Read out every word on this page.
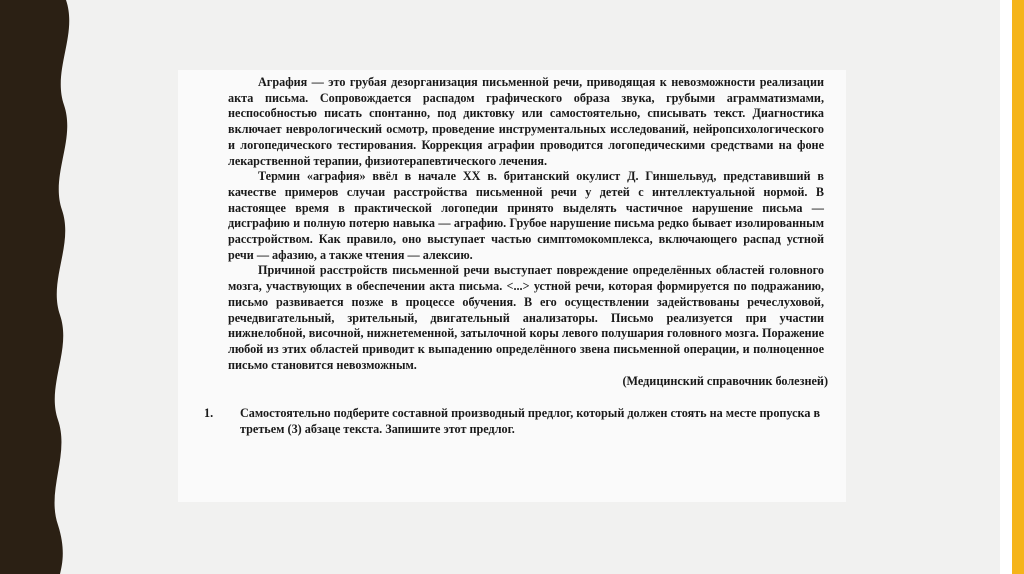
Аграфия — это грубая дезорганизация письменной речи, приводящая к невозможности реализации акта письма. Сопровождается распадом графического образа звука, грубыми аграмматизмами, неспособностью писать спонтанно, под диктовку или самостоятельно, списывать текст. Диагностика включает неврологический осмотр, проведение инструментальных исследований, нейропсихологического и логопедического тестирования. Коррекция аграфии проводится логопедическими средствами на фоне лекарственной терапии, физиотерапевтического лечения.

Термин «аграфия» ввёл в начале XX в. британский окулист Д. Гиншельвуд, представивший в качестве примеров случаи расстройства письменной речи у детей с интеллектуальной нормой. В настоящее время в практической логопедии принято выделять частичное нарушение письма — дисграфию и полную потерю навыка — аграфию. Грубое нарушение письма редко бывает изолированным расстройством. Как правило, оно выступает частью симптомокомплекса, включающего распад устной речи — афазию, а также чтения — алексию.

Причиной расстройств письменной речи выступает повреждение определённых областей головного мозга, участвующих в обеспечении акта письма. <...> устной речи, которая формируется по подражанию, письмо развивается позже в процессе обучения. В его осуществлении задействованы речеслуховой, речедвигательный, зрительный, двигательный анализаторы. Письмо реализуется при участии нижнелобной, височной, нижнетеменной, затылочной коры левого полушария головного мозга. Поражение любой из этих областей приводит к выпадению определённого звена письменной операции, и полноценное письмо становится невозможным.

(Медицинский справочник болезней)
1.	Самостоятельно подберите составной производный предлог, который должен стоять на месте пропуска в третьем (3) абзаце текста. Запишите этот предлог.
